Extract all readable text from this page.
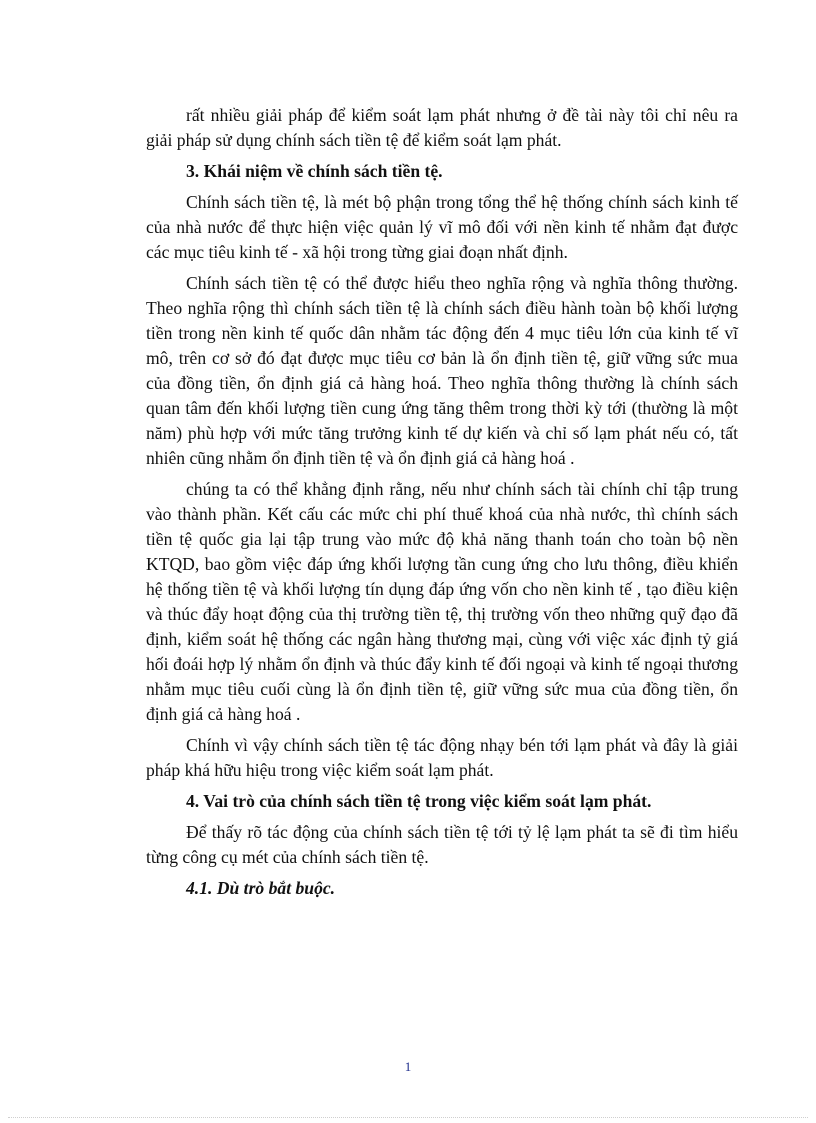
rất nhiều giải pháp để kiểm soát lạm phát nhưng ở đề tài này tôi chỉ nêu ra giải pháp sử dụng chính sách tiền tệ để kiểm soát lạm phát.

3. Khái niệm về chính sách tiền tệ.

Chính sách tiền tệ, là mét bộ phận trong tổng thể hệ thống chính sách kinh tế của nhà nước để thực hiện việc quản lý vĩ mô đối với nền kinh tế nhằm đạt được các mục tiêu kinh tế - xã hội trong từng giai đoạn nhất định.

Chính sách tiền tệ có thể được hiểu theo nghĩa rộng và nghĩa thông thường. Theo nghĩa rộng thì chính sách tiền tệ là chính sách điều hành toàn bộ khối lượng tiền trong nền kinh tế quốc dân nhằm tác động đến 4 mục tiêu lớn của kinh tế vĩ mô, trên cơ sở đó đạt được mục tiêu cơ bản là ổn định tiền tệ, giữ vững sức mua của đồng tiền, ổn định giá cả hàng hoá. Theo nghĩa thông thường là chính sách quan tâm đến khối lượng tiền cung ứng tăng thêm trong thời kỳ tới (thường là một năm) phù hợp với mức tăng trưởng kinh tế dự kiến và chỉ số lạm phát nếu có, tất nhiên cũng nhằm ổn định tiền tệ và ổn định giá cả hàng hoá .

chúng ta có thể khẳng định rằng, nếu như chính sách tài chính chỉ tập trung vào thành phần. Kết cấu các mức chi phí thuế khoá của nhà nước, thì chính sách tiền tệ quốc gia lại tập trung vào mức độ khả năng thanh toán cho toàn bộ nền KTQD, bao gồm việc đáp ứng khối lượng tần cung ứng cho lưu thông, điều khiển hệ thống tiền tệ và khối lượng tín dụng đáp ứng vốn cho nền kinh tế , tạo điều kiện và thúc đẩy hoạt động của thị trường tiền tệ, thị trường vốn theo những quỹ đạo đã định, kiểm soát hệ thống các ngân hàng thương mại, cùng với việc xác định tỷ giá hối đoái hợp lý nhằm ổn định và thúc đẩy kinh tế đối ngoại và kinh tế ngoại thương nhằm mục tiêu cuối cùng là ổn định tiền tệ, giữ vững sức mua của đồng tiền, ổn định giá cả hàng hoá .

Chính vì vậy chính sách tiền tệ tác động nhạy bén tới lạm phát và đây là giải pháp khá hữu hiệu trong việc kiểm soát lạm phát.

4. Vai trò của chính sách tiền tệ trong việc kiểm soát lạm phát.

Để thấy rõ tác động của chính sách tiền tệ tới tỷ lệ lạm phát ta sẽ đi tìm hiểu từng công cụ mét của chính sách tiền tệ.

4.1. Dù trò bắt buộc.
1
